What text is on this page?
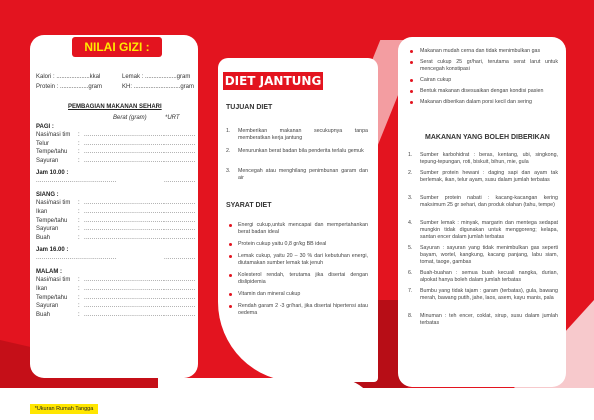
NILAI GIZI :
Kalori : ....................kkal	Lemak : ...................gram
Protein : .................gram	KH: ............................gram
PEMBAGIAN MAKANAN SEHARI
Berat (gram)	*URT
PAGI :
Nasi/nasi tim : ......................................... ................
Telur	: ......................................... ................
Tempe/tahu : ......................................... ................
Sayuran	: ......................................... ................
Jam 10.00 :
.........................................	................
SIANG :
Nasi/nasi tim : ......................................... ................
Ikan	: ......................................... ................
Tempe/tahu : ......................................... ................
Sayuran	: ......................................... ................
Buah	: ......................................... ................
Jam 16.00 :
.........................................	................
MALAM :
Nasi/nasi tim : ......................................... ................
Ikan	: ......................................... ................
Tempe/tahu : ......................................... ................
Sayuran	: ......................................... ................
Buah	: ......................................... ................
*Ukuran Rumah Tangga
DIET JANTUNG
TUJUAN DIET
1. Memberikan makanan secukupnya tanpa memberatkan kerja jantung
2. Menurunkan berat badan bila penderita terlalu gemuk
3. Mencegah atau menghilang penimbunan garam dan air
SYARAT DIET
Energi cukup,untuk mencapai dan mempertahankan berat badan ideal
Protein cukup yaitu 0,8 gr/kg BB ideal
Lemak cukup, yaitu 20 – 30 % dari kebutuhan energi, diutamakan sumber lemak tak jenuh
Kolesterol rendah, terutama jika disertai dengan dislipidemia
Vitamin dan mineral cukup
Rendah garam 2 -3 gr/hari, jika disertai hipertensi atau oedema
Makanan mudah cerna dan tidak menimbulkan gas
Serat cukup 25 gr/hari, terutama serat larut untuk mencegah konstipasi
Cairan cukup
Bentuk makanan disesuaikan dengan kondisi pasien
Makanan diberikan dalam porsi kecil dan sering
MAKANAN YANG BOLEH DIBERIKAN
1. Sumber karbohidrat : beras, kentang, ubi, singkong, tepung-tepungan, roti, biskuit, bihun, mie, gula
2. Sumber protein hewani : daging sapi dan ayam tak berlemak, ikan, telur ayam, susu dalam jumlah terbatas
3. Sumber protein nabati : kacang-kacangan kering maksimum 25 gr sehari, dan produk olahan (tahu, tempe)
4. Sumber lemak : minyak, margarin dan mentega sedapat mungkin tidak digunakan untuk menggoreng; kelapa, santan encer dalam jumlah terbatas
5. Sayuran : sayuran yang tidak menimbulkan gas seperti bayam, wortel, kangkung, kacang panjang, labu siam, tomat, taoge, gambas
6. Buah-buahan : semua buah kecuali nangka, durian, alpokat hanya boleh dalam jumlah terbatas
7. Bumbu yang tidak tajam : garam (terbatas), gula, bawang merah, bawang putih, jahe, laos, asem, kayu manis, pala
8. Minuman : teh encer, coklat, sirup, susu dalam jumlah terbatas
